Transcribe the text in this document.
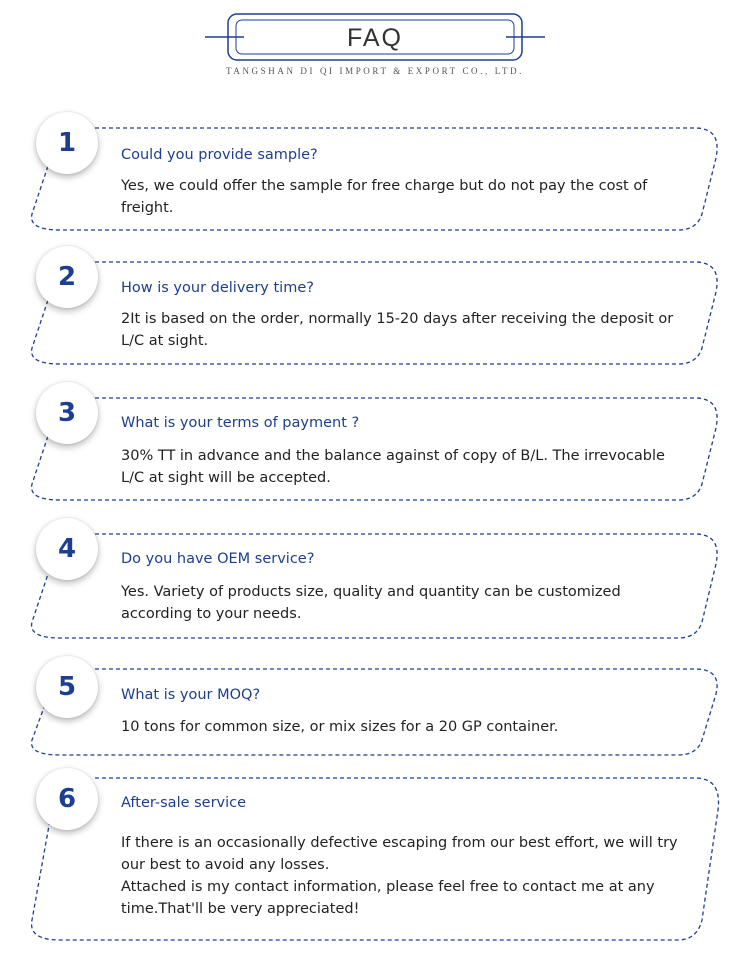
FAQ
TANGSHAN DI QI IMPORT & EXPORT CO., LTD.
1	Could you provide sample?

Yes, we could offer the sample for free charge but do not pay the cost of freight.

2	How is your delivery time?

2It is based on the order, normally 15-20 days after receiving the deposit or L/C at sight.

3	What is your terms of payment ?

30% TT in advance and the balance against of copy of B/L. The irrevocable L/C at sight will be accepted.

4	Do you have OEM service?

Yes. Variety of products size, quality and quantity can be customized according to your needs.

5	What is your MOQ?

10 tons for common size, or mix sizes for a 20 GP container.

6	After-sale service

If there is an occasionally defective escaping from our best effort, we will try our best to avoid any losses.

Attached is my contact information, please feel free to contact me at any time.That'll be very appreciated!
